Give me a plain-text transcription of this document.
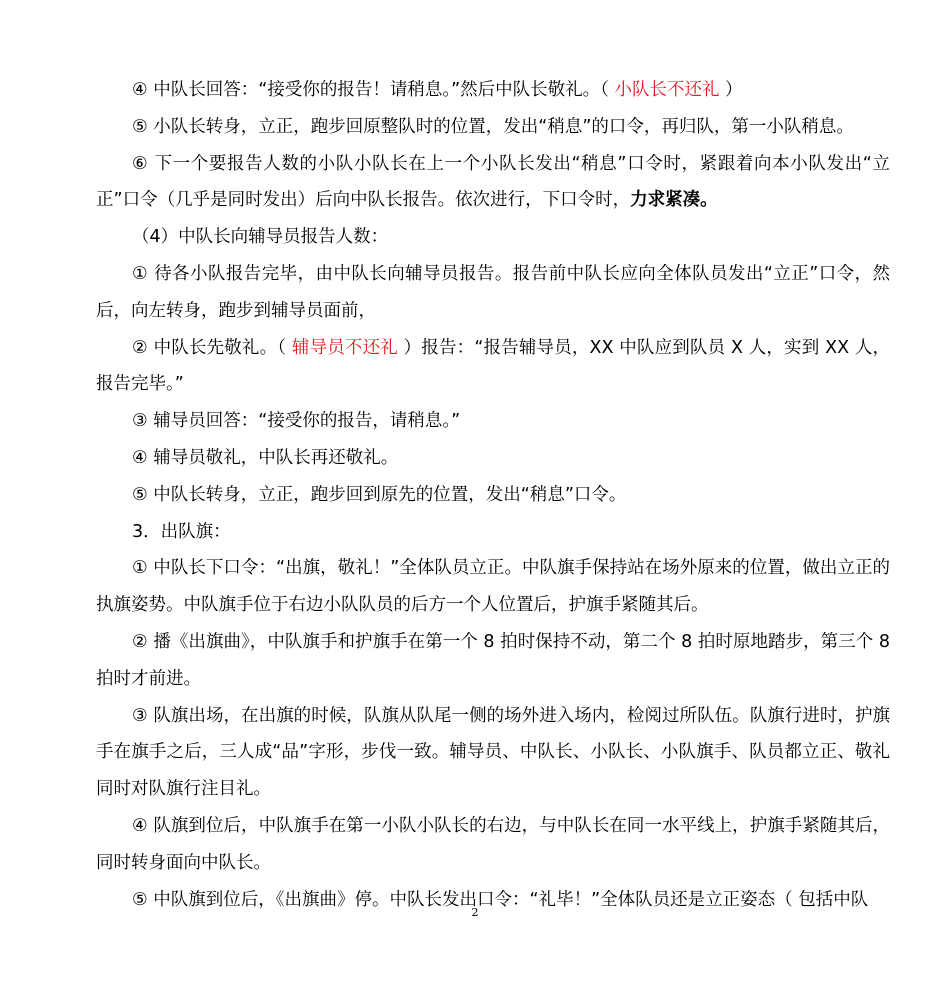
④ 中队长回答：“接受你的报告！请稍息。”然后中队长敬礼。（ 小队长不还礼 ）

⑤ 小队长转身，立正，跑步回原整队时的位置，发出“稍息”的口令，再归队，第一小队稍息。

⑥ 下一个要报告人数的小队小队长在上一个小队长发出“稍息”口令时，紧跟着向本小队发出“立正”口令（几乎是同时发出）后向中队长报告。依次进行，下口令时，力求紧凑。

（4）中队长向辅导员报告人数：

① 待各小队报告完毕，由中队长向辅导员报告。报告前中队长应向全体队员发出“立正”口令，然后，向左转身，跑步到辅导员面前，

② 中队长先敬礼。（ 辅导员不还礼 ）报告：“报告辅导员，XX 中队应到队员 X 人，实到 XX 人，报告完毕。”

③ 辅导员回答：“接受你的报告，请稍息。”

④ 辅导员敬礼，中队长再还敬礼。

⑤ 中队长转身，立正，跑步回到原先的位置，发出“稍息”口令。

3．出队旗：

① 中队长下口令：“出旗，敬礼！”全体队员立正。中队旗手保持站在场外原来的位置，做出立正的执旗姿势。中队旗手位于右边小队队员的后方一个人位置后，护旗手紧随其后。

② 播《出旗曲》，中队旗手和护旗手在第一个 8 拍时保持不动，第二个 8 拍时原地踏步，第三个 8 拍时才前进。

③ 队旗出场，在出旗的时候，队旗从队尾一侧的场外进入场内，检阅过所队伍。队旗行进时，护旗手在旗手之后，三人成“品”字形，步伐一致。辅导员、中队长、小队长、小队旗手、队员都立正、敬礼同时对队旗行注目礼。

④ 队旗到位后，中队旗手在第一小队小队长的右边，与中队长在同一水平线上，护旗手紧随其后，同时转身面向中队长。

⑤ 中队旗到位后，《出旗曲》停。中队长发出口令：“礼毕！”全体队员还是立正姿态（ 包括中队

2
